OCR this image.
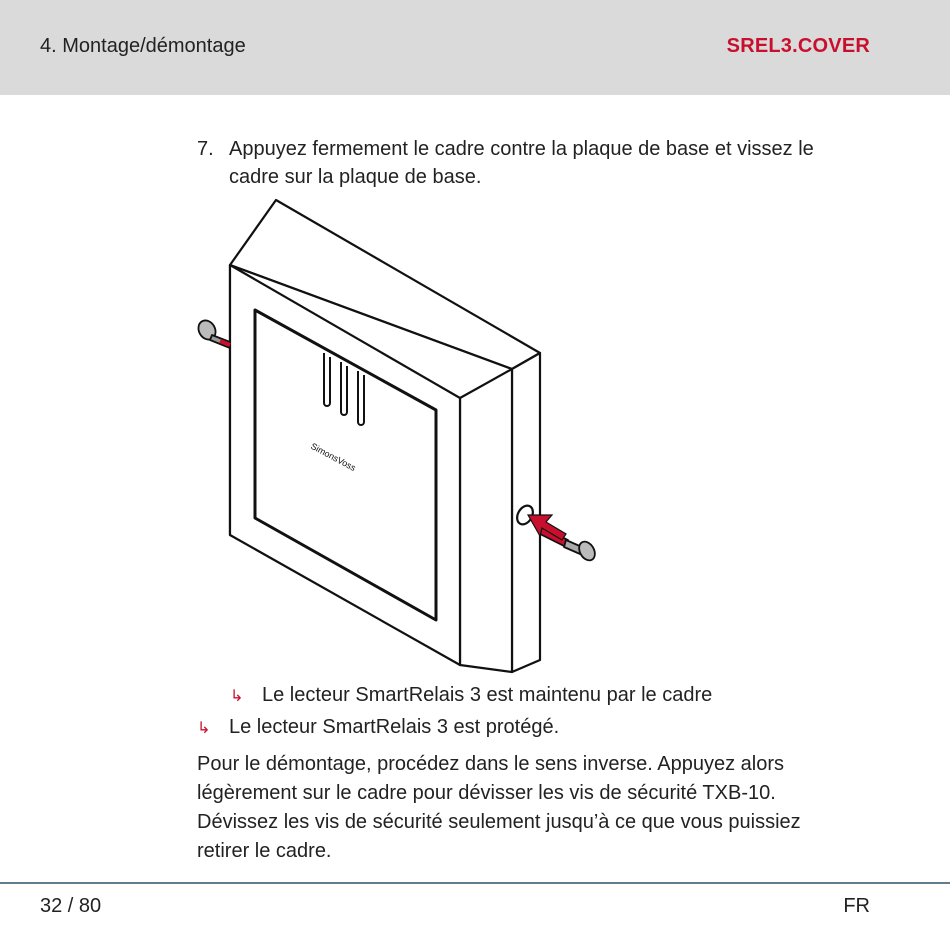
4. Montage/démontage	SREL3.COVER
7. Appuyez fermement le cadre contre la plaque de base et vissez le cadre sur la plaque de base.
SimonsVoss
↳ Le lecteur SmartRelais 3 est maintenu par le cadre
↳ Le lecteur SmartRelais 3 est protégé.
Pour le démontage, procédez dans le sens inverse. Appuyez alors légèrement sur le cadre pour dévisser les vis de sécurité TXB-10. Dévissez les vis de sécurité seulement jusqu’à ce que vous puissiez retirer le cadre.
32 / 80	FR
